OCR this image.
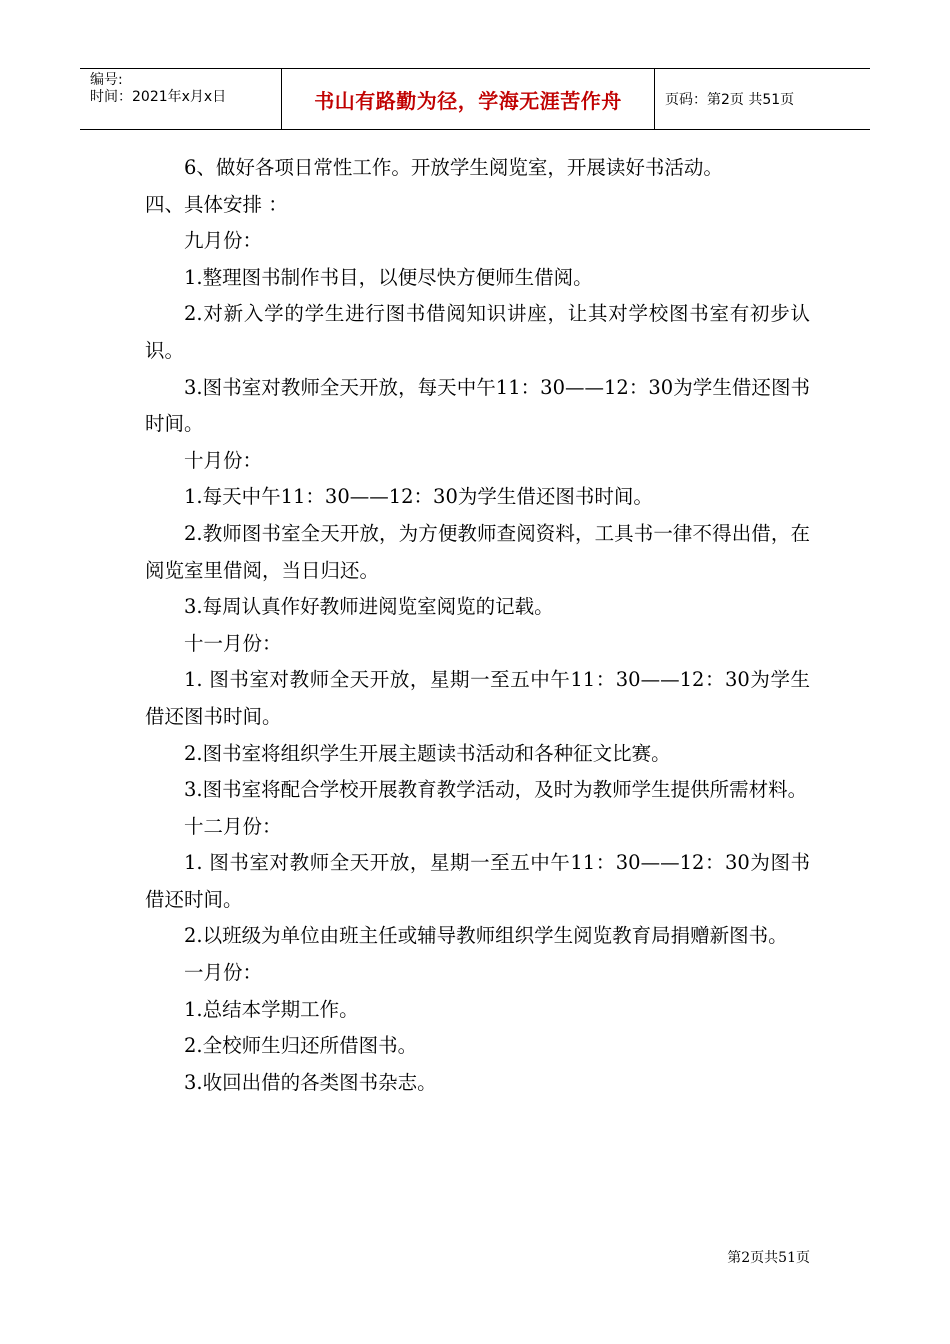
编号:
时间：2021年x月x日	书山有路勤为径，学海无涯苦作舟	页码：第2页 共51页

6、做好各项日常性工作。开放学生阅览室，开展读好书活动。

四、具体安排 ：

九月份：

1.整理图书制作书目，以便尽快方便师生借阅。

2.对新入学的学生进行图书借阅知识讲座，让其对学校图书室有初步认识。

3.图书室对教师全天开放，每天中午11：30——12：30为学生借还图书时间。

十月份：

1.每天中午11：30——12：30为学生借还图书时间。

2.教师图书室全天开放，为方便教师查阅资料，工具书一律不得出借，在阅览室里借阅，当日归还。

3.每周认真作好教师进阅览室阅览的记载。

十一月份：

1. 图书室对教师全天开放，星期一至五中午11：30——12：30为学生借还图书时间。

2.图书室将组织学生开展主题读书活动和各种征文比赛。

3.图书室将配合学校开展教育教学活动，及时为教师学生提供所需材料。

十二月份：

1. 图书室对教师全天开放，星期一至五中午11：30——12：30为图书借还时间。

2.以班级为单位由班主任或辅导教师组织学生阅览教育局捐赠新图书。

一月份：

1.总结本学期工作。

2.全校师生归还所借图书。

3.收回出借的各类图书杂志。

第2页共51页
